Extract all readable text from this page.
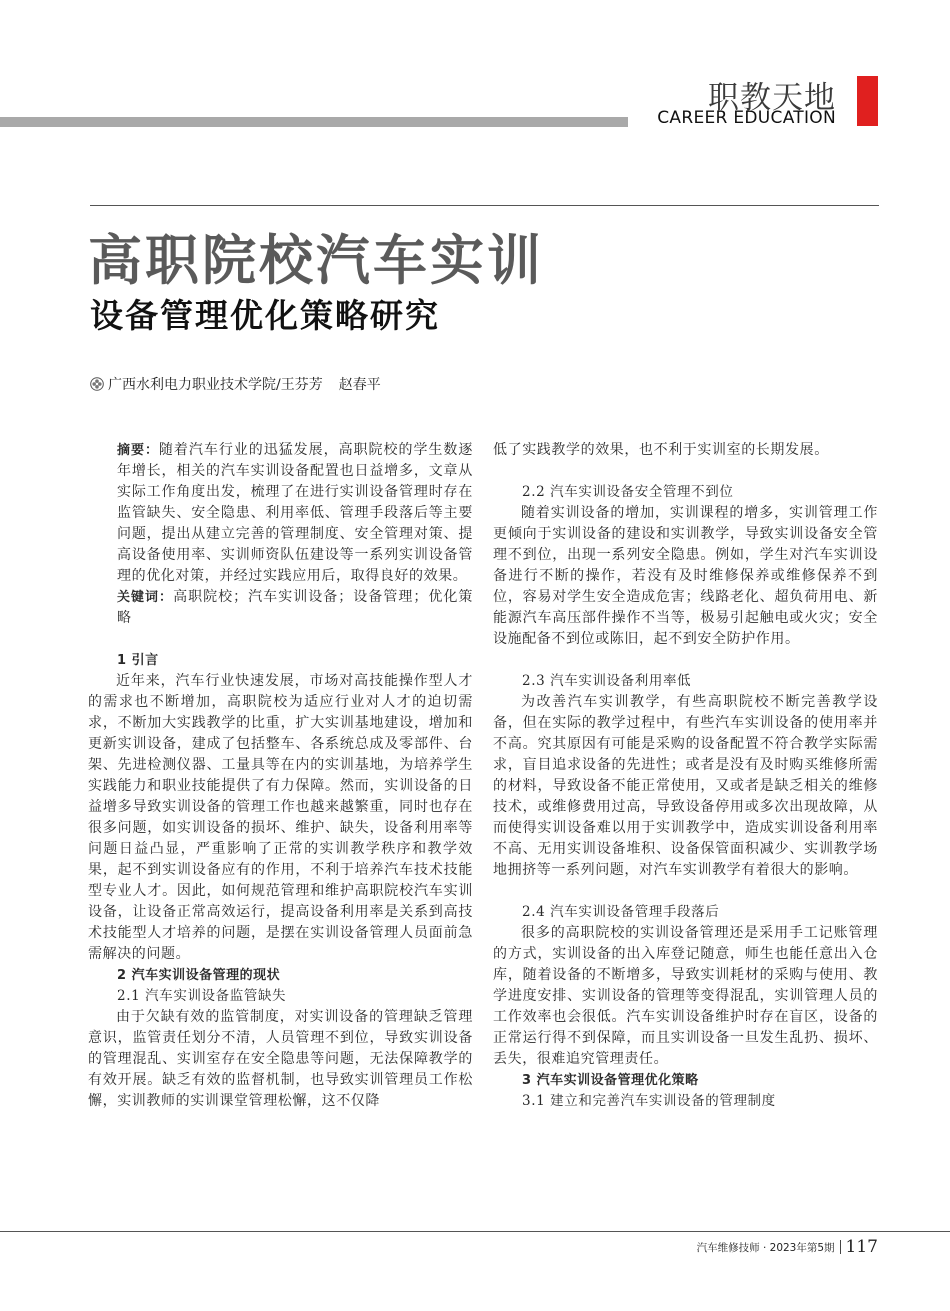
职教天地
CAREER EDUCATION
高职院校汽车实训
设备管理优化策略研究
广西水利电力职业技术学院/王芬芳 赵春平

摘要：随着汽车行业的迅猛发展，高职院校的学生数逐年增长，相关的汽车实训设备配置也日益增多，文章从实际工作角度出发，梳理了在进行实训设备管理时存在监管缺失、安全隐患、利用率低、管理手段落后等主要问题，提出从建立完善的管理制度、安全管理对策、提高设备使用率、实训师资队伍建设等一系列实训设备管理的优化对策，并经过实践应用后，取得良好的效果。

关键词：高职院校；汽车实训设备；设备管理；优化策略

1 引言

近年来，汽车行业快速发展，市场对高技能操作型人才的需求也不断增加，高职院校为适应行业对人才的迫切需求，不断加大实践教学的比重，扩大实训基地建设，增加和更新实训设备，建成了包括整车、各系统总成及零部件、台架、先进检测仪器、工量具等在内的实训基地，为培养学生实践能力和职业技能提供了有力保障。然而，实训设备的日益增多导致实训设备的管理工作也越来越繁重，同时也存在很多问题，如实训设备的损坏、维护、缺失，设备利用率等问题日益凸显，严重影响了正常的实训教学秩序和教学效果，起不到实训设备应有的作用，不利于培养汽车技术技能型专业人才。因此，如何规范管理和维护高职院校汽车实训设备，让设备正常高效运行，提高设备利用率是关系到高技术技能型人才培养的问题，是摆在实训设备管理人员面前急需解决的问题。

2 汽车实训设备管理的现状
2.1 汽车实训设备监管缺失

由于欠缺有效的监管制度，对实训设备的管理缺乏管理意识，监管责任划分不清，人员管理不到位，导致实训设备的管理混乱、实训室存在安全隐患等问题，无法保障教学的有效开展。缺乏有效的监督机制，也导致实训管理员工作松懈，实训教师的实训课堂管理松懈，这不仅降

低了实践教学的效果，也不利于实训室的长期发展。

2.2 汽车实训设备安全管理不到位

随着实训设备的增加，实训课程的增多，实训管理工作更倾向于实训设备的建设和实训教学，导致实训设备安全管理不到位，出现一系列安全隐患。例如，学生对汽车实训设备进行不断的操作，若没有及时维修保养或维修保养不到位，容易对学生安全造成危害；线路老化、超负荷用电、新能源汽车高压部件操作不当等，极易引起触电或火灾；安全设施配备不到位或陈旧，起不到安全防护作用。

2.3 汽车实训设备利用率低

为改善汽车实训教学，有些高职院校不断完善教学设备，但在实际的教学过程中，有些汽车实训设备的使用率并不高。究其原因有可能是采购的设备配置不符合教学实际需求，盲目追求设备的先进性；或者是没有及时购买维修所需的材料，导致设备不能正常使用，又或者是缺乏相关的维修技术，或维修费用过高，导致设备停用或多次出现故障，从而使得实训设备难以用于实训教学中，造成实训设备利用率不高、无用实训设备堆积、设备保管面积减少、实训教学场地拥挤等一系列问题，对汽车实训教学有着很大的影响。

2.4 汽车实训设备管理手段落后

很多的高职院校的实训设备管理还是采用手工记账管理的方式，实训设备的出入库登记随意，师生也能任意出入仓库，随着设备的不断增多，导致实训耗材的采购与使用、教学进度安排、实训设备的管理等变得混乱，实训管理人员的工作效率也会很低。汽车实训设备维护时存在盲区，设备的正常运行得不到保障，而且实训设备一旦发生乱扔、损坏、丢失，很难追究管理责任。

3 汽车实训设备管理优化策略
3.1 建立和完善汽车实训设备的管理制度
汽车维修技师 · 2023年第5期 117
